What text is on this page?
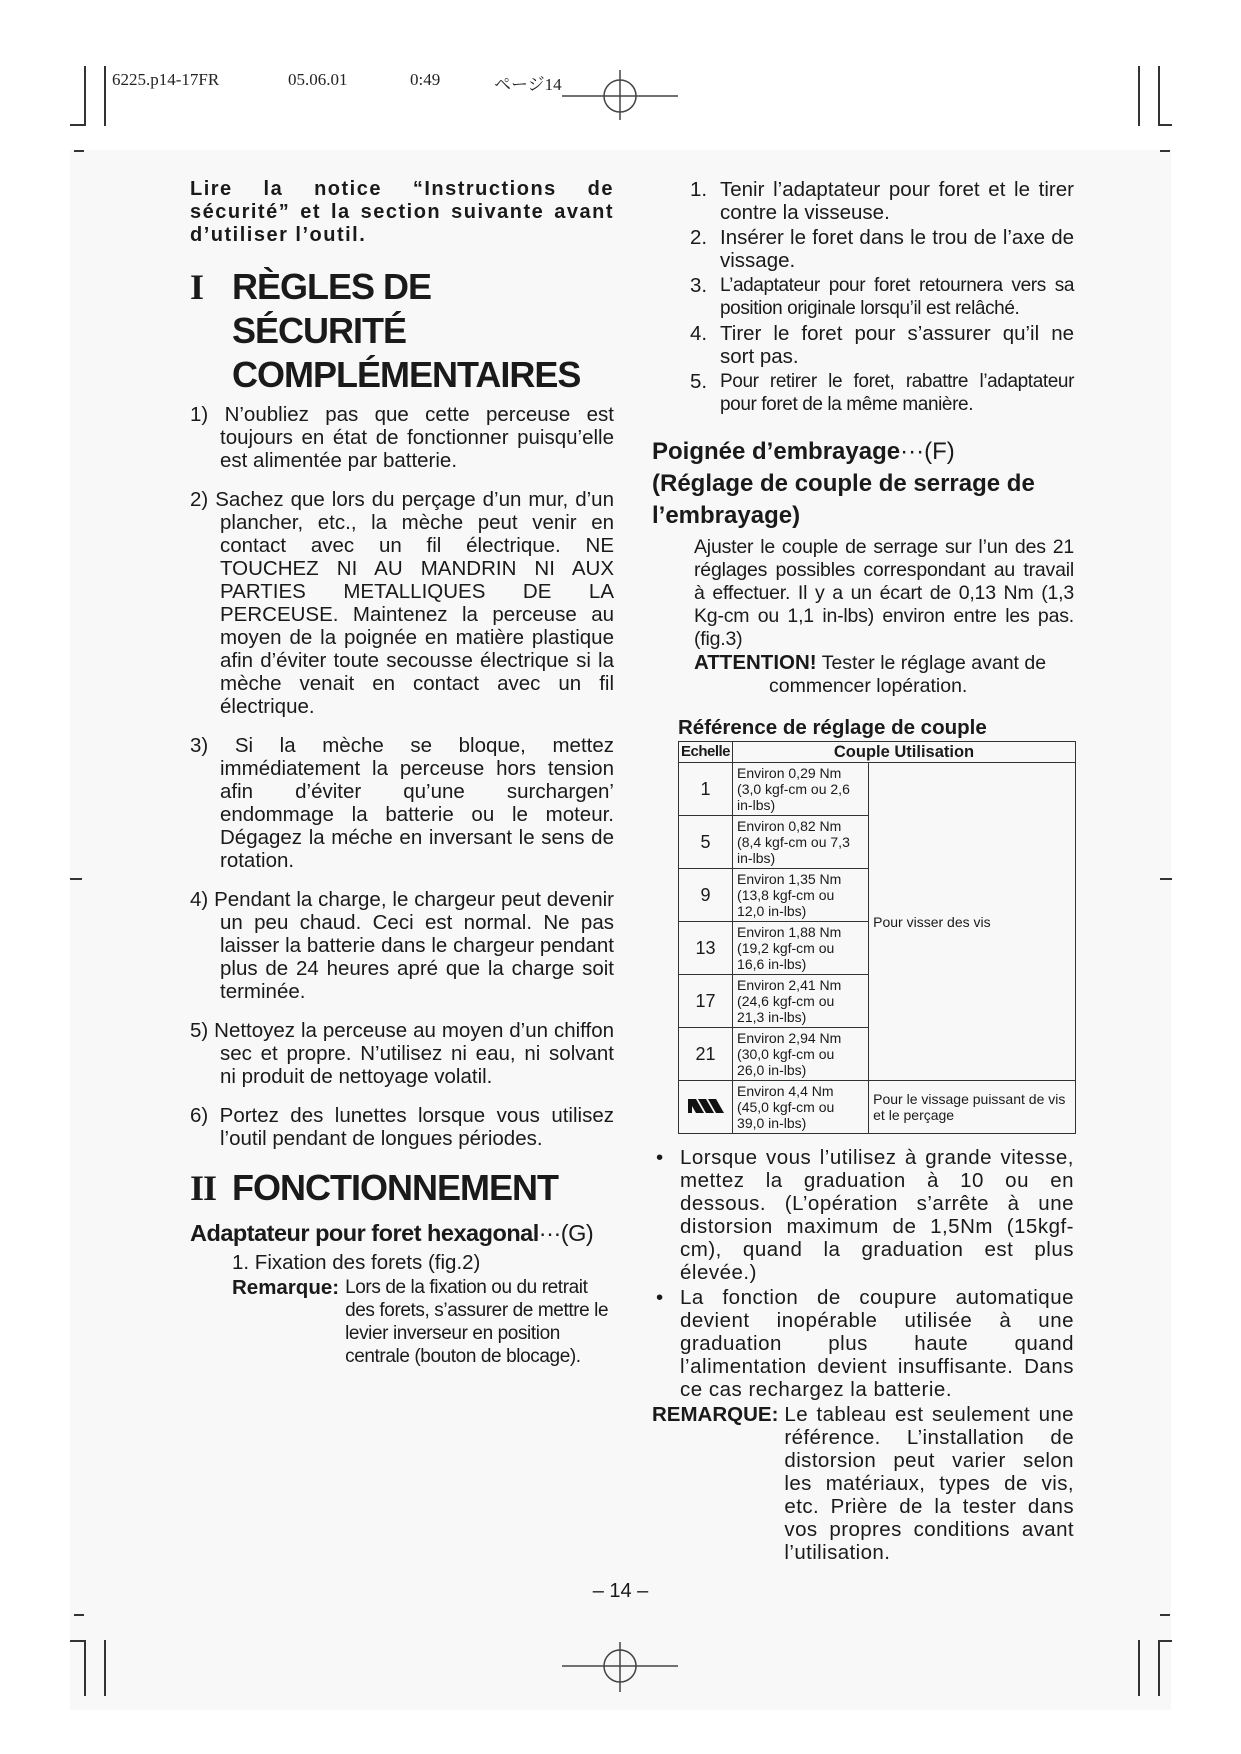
6225.p14-17FR	05.06.01	0:49	ページ14

Lire la notice “Instructions de sécurité” et la section suivante avant d’utiliser l’outil.

I RÈGLES DE SÉCURITÉ
COMPLÉMENTAIRES

1) N’oubliez pas que cette perceuse est toujours en état de fonctionner puisqu’elle est alimentée par batterie.

2) Sachez que lors du perçage d’un mur, d’un plancher, etc., la mèche peut venir en contact avec un fil électrique. NE TOUCHEZ NI AU MANDRIN NI AUX PARTIES METALLIQUES DE LA PERCEUSE. Maintenez la perceuse au moyen de la poignée en matière plastique afin d’éviter toute secousse électrique si la mèche venait en contact avec un fil électrique.

3) Si la mèche se bloque, mettez immédiatement la perceuse hors tension afin d’éviter qu’une surchargen’ endommage la batterie ou le moteur. Dégagez la méche en inversant le sens de rotation.

4) Pendant la charge, le chargeur peut devenir un peu chaud. Ceci est normal. Ne pas laisser la batterie dans le chargeur pendant plus de 24 heures apré que la charge soit terminée.

5) Nettoyez la perceuse au moyen d’un chiffon sec et propre. N’utilisez ni eau, ni solvant ni produit de nettoyage volatil.

6) Portez des lunettes lorsque vous utilisez l’outil pendant de longues périodes.

II FONCTIONNEMENT
Adaptateur pour foret hexagonal···(G)

1. Fixation des forets (fig.2)

Remarque: Lors de la fixation ou du retrait des forets, s’assurer de mettre le levier inverseur en position centrale (bouton de blocage).
1. Tenir l’adaptateur pour foret et le tirer contre la visseuse.
2. Insérer le foret dans le trou de l’axe de vissage.
3. L’adaptateur pour foret retournera vers sa position originale lorsqu’il est relâché.
4. Tirer le foret pour s’assurer qu’il ne sort pas.
5. Pour retirer le foret, rabattre l’adaptateur pour foret de la même manière.

Poignée d’embrayage···(F)

(Réglage de couple de serrage de l’embrayage)

Ajuster le couple de serrage sur l’un des 21 réglages possibles correspondant au travail à effectuer. Il y a un écart de 0,13 Nm (1,3 Kg-cm ou 1,1 in-lbs) environ entre les pas. (fig.3)

ATTENTION! Tester le réglage avant de

commencer lopération.

Référence de réglage de couple

Echelle	Couple Utilisation	
1	Environ 0,29 Nm
(3,0 kgf-cm ou 2,6 in-lbs)	Pour visser des vis
5	Environ 0,82 Nm
(8,4 kgf-cm ou 7,3 in-lbs)	

9	Environ 1,35 Nm
(13,8 kgf-cm ou 12,0 in-lbs)	

13	Environ 1,88 Nm
(19,2 kgf-cm ou 16,6 in-lbs)	

17	Environ 2,41 Nm
(24,6 kgf-cm ou 21,3 in-lbs)	

21	Environ 2,94 Nm
(30,0 kgf-cm ou 26,0 in-lbs)	

Environ 4,4 Nm
(45,0 kgf-cm ou 39,0 in-lbs)	Pour le vissage puissant de vis et le perçage
• Lorsque vous l’utilisez à grande vitesse, mettez la graduation à 10 ou en dessous. (L’opération s’arrête à une distorsion maximum de 1,5Nm (15kgf-cm), quand la graduation est plus élevée.)
• La fonction de coupure automatique devient inopérable utilisée à une graduation plus haute quand l’alimentation devient insuffisante. Dans ce cas rechargez la batterie.
REMARQUE: Le tableau est seulement une référence. L’installation de distorsion peut varier selon les matériaux, types de vis, etc. Prière de la tester dans vos propres conditions avant l’utilisation.
– 14 –
